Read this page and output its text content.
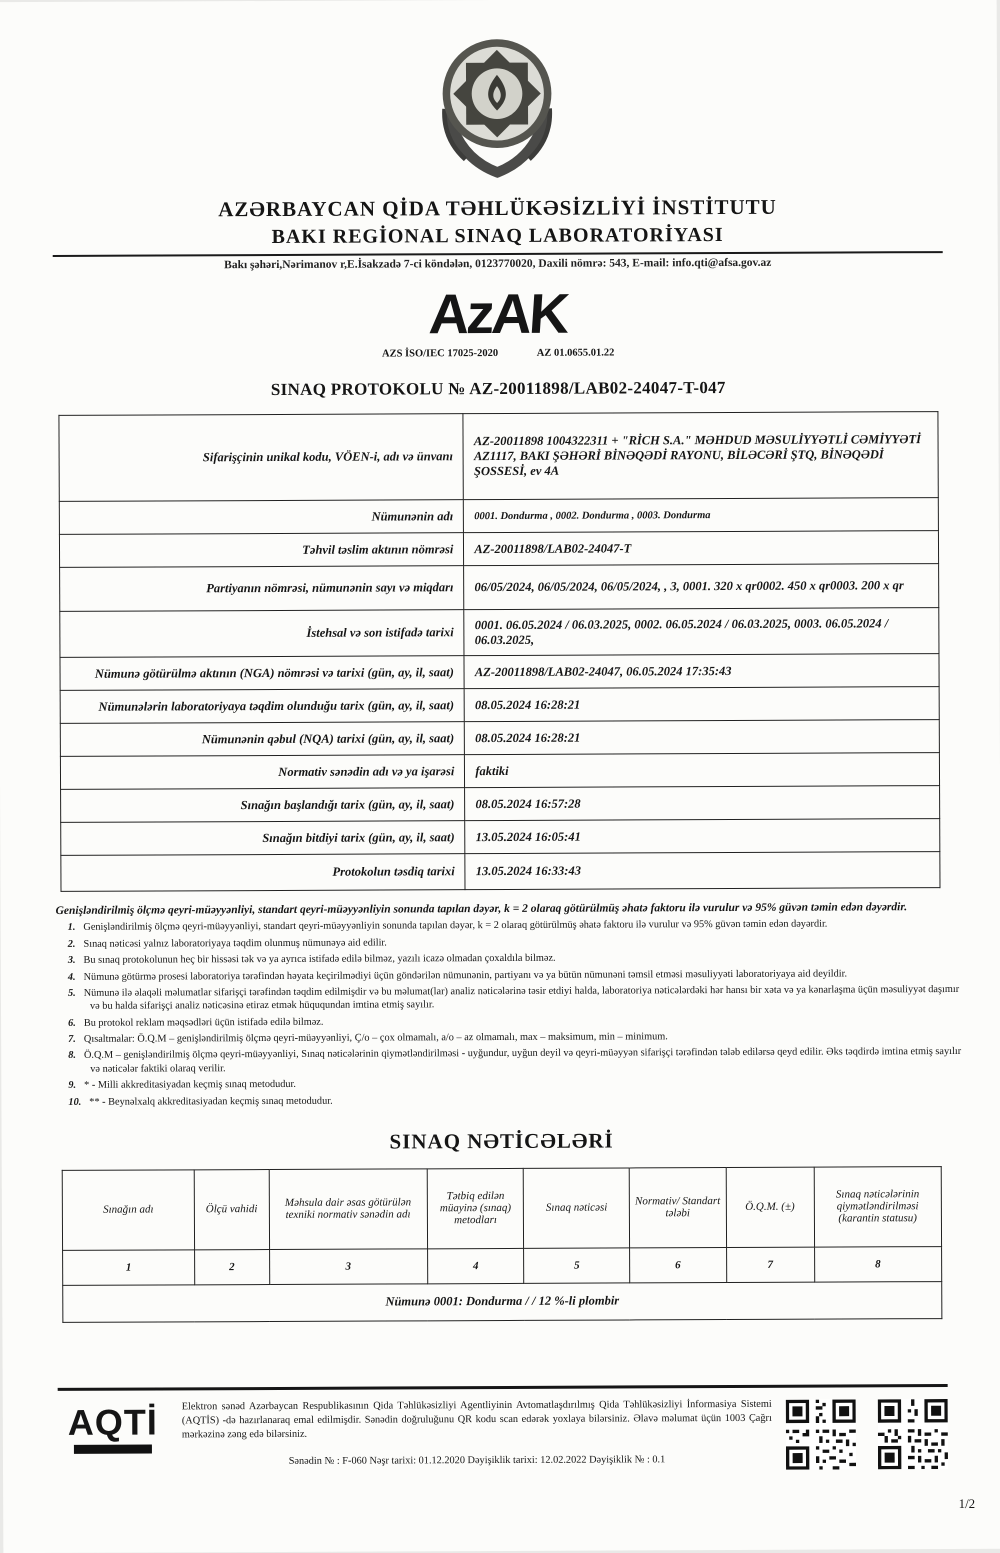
AZƏRBAYCAN QİDA TƏHLÜKƏSİZLİYİ İNSTİTUTU
BAKI REGİONAL SINAQ LABORATORİYASI
Bakı şəhəri,Nərimanov r,E.İsakzadə 7-ci köndələn, 0123770020, Daxili nömrə: 543, E-mail: info.qti@afsa.gov.az
AzAK
AZS İSO/IEC 17025-2020	AZ 01.0655.01.22
SINAQ PROTOKOLU № AZ-20011898/LAB02-24047-T-047
Sifarişçinin unikal kodu, VÖEN-i, adı və ünvanı	AZ-20011898 1004322311 + "RİCH S.A." MƏHDUD MƏSULİYYƏTLİ CƏMİYYƏTİ AZ1117, BAKI ŞƏHƏRİ BİNƏQƏDİ RAYONU, BİLƏCƏRİ ŞTQ, BİNƏQƏDİ ŞOSSESİ, ev 4A
Nümunənin adı	0001. Dondurma , 0002. Dondurma , 0003. Dondurma
Təhvil təslim aktının nömrəsi	AZ-20011898/LAB02-24047-T
Partiyanın nömrəsi, nümunənin sayı və miqdarı	06/05/2024, 06/05/2024, 06/05/2024, , 3, 0001. 320 x qr0002. 450 x qr0003. 200 x qr
İstehsal və son istifadə tarixi	0001. 06.05.2024 / 06.03.2025, 0002. 06.05.2024 / 06.03.2025, 0003. 06.05.2024 / 06.03.2025,
Nümunə götürülmə aktının (NGA) nömrəsi və tarixi (gün, ay, il, saat)	AZ-20011898/LAB02-24047, 06.05.2024 17:35:43
Nümunələrin laboratoriyaya təqdim olunduğu tarix (gün, ay, il, saat)	08.05.2024 16:28:21
Nümunənin qəbul (NQA) tarixi (gün, ay, il, saat)	08.05.2024 16:28:21
Normativ sənədin adı və ya işarəsi	faktiki
Sınağın başlandığı tarix (gün, ay, il, saat)	08.05.2024 16:57:28
Sınağın bitdiyi tarix (gün, ay, il, saat)	13.05.2024 16:05:41
Protokolun təsdiq tarixi	13.05.2024 16:33:43
Genişləndirilmiş ölçmə qeyri-müəyyənliyi, standart qeyri-müəyyənliyin sonunda tapılan dəyər, k = 2 olaraq götürülmüş əhatə faktoru ilə vurulur və 95% güvən təmin edən dəyərdir.
1. Genişləndirilmiş ölçmə qeyri-müəyyənliyi, standart qeyri-müəyyənliyin sonunda tapılan dəyər, k = 2 olaraq götürülmüş əhatə faktoru ilə vurulur və 95% güvən təmin edən dəyərdir.
2. Sınaq nəticəsi yalnız laboratoriyaya təqdim olunmuş nümunəyə aid edilir.
3. Bu sınaq protokolunun heç bir hissəsi tək və ya ayrıca istifadə edilə bilməz, yazılı icazə olmadan çoxaldıla bilməz.
4. Nümunə götürmə prosesi laboratoriya tərəfindən həyata keçirilmədiyi üçün göndərilən nümunənin, partiyanı və ya bütün nümunəni təmsil etməsi məsuliyyəti laboratoriyaya aid deyildir.
5. Nümunə ilə əlaqəli məlumatlar sifarişçi tərəfindən təqdim edilmişdir və bu məlumat(lar) analiz nəticələrinə təsir etdiyi halda, laboratoriya nəticələrdəki hər hansı bir xəta və ya kənarlaşma üçün məsuliyyət daşımır və bu halda sifarişçi analiz nəticəsinə etiraz etmək hüququndan imtina etmiş sayılır.
6. Bu protokol reklam məqsədləri üçün istifadə edilə bilməz.
7. Qısaltmalar: Ö.Q.M – genişləndirilmiş ölçmə qeyri-müəyyənliyi, Ç/o – çox olmamalı, a/o – az olmamalı, max – maksimum, min – minimum.
8. Ö.Q.M – genişləndirilmiş ölçmə qeyri-müəyyənliyi, Sınaq nəticələrinin qiymətləndirilməsi - uyğundur, uyğun deyil və qeyri-müəyyən sifarişçi tərəfindən tələb edilərsə qeyd edilir. Əks təqdirdə imtina etmiş sayılır və nəticələr faktiki olaraq verilir.
9. * - Milli akkreditasiyadan keçmiş sınaq metodudur.
10. ** - Beynəlxalq akkreditasiyadan keçmiş sınaq metodudur.
SINAQ NƏTİCƏLƏRİ
Sınağın adı	Ölçü vahidi	Məhsula dair əsas götürülən texniki normativ sənədin adı	Tətbiq edilən müayinə (sınaq) metodları	Sınaq nəticəsi	Normativ/ Standart tələbi	Ö.Q.M. (±)	Sınaq nəticələrinin qiymətləndirilməsi (karantin statusu)
1	2	3	4	5	6	7	8
Nümunə 0001: Dondurma / / 12 %-li plombir							
AQTİ	Elektron sənəd Azərbaycan Respublikasının Qida Təhlükəsizliyi Agentliyinin Avtomatlaşdırılmış Qida Təhlükəsizliyi İnformasiya Sistemi (AQTİS) -də hazırlanaraq emal edilmişdir. Sənədin doğruluğunu QR kodu scan edərək yoxlaya bilərsiniz. Əlavə məlumat üçün 1003 Çağrı mərkəzinə zəng edə bilərsiniz.
Sənədin № : F-060 Nəşr tarixi: 01.12.2020 Dəyişiklik tarixi: 12.02.2022 Dəyişiklik № : 0.1
1/2
